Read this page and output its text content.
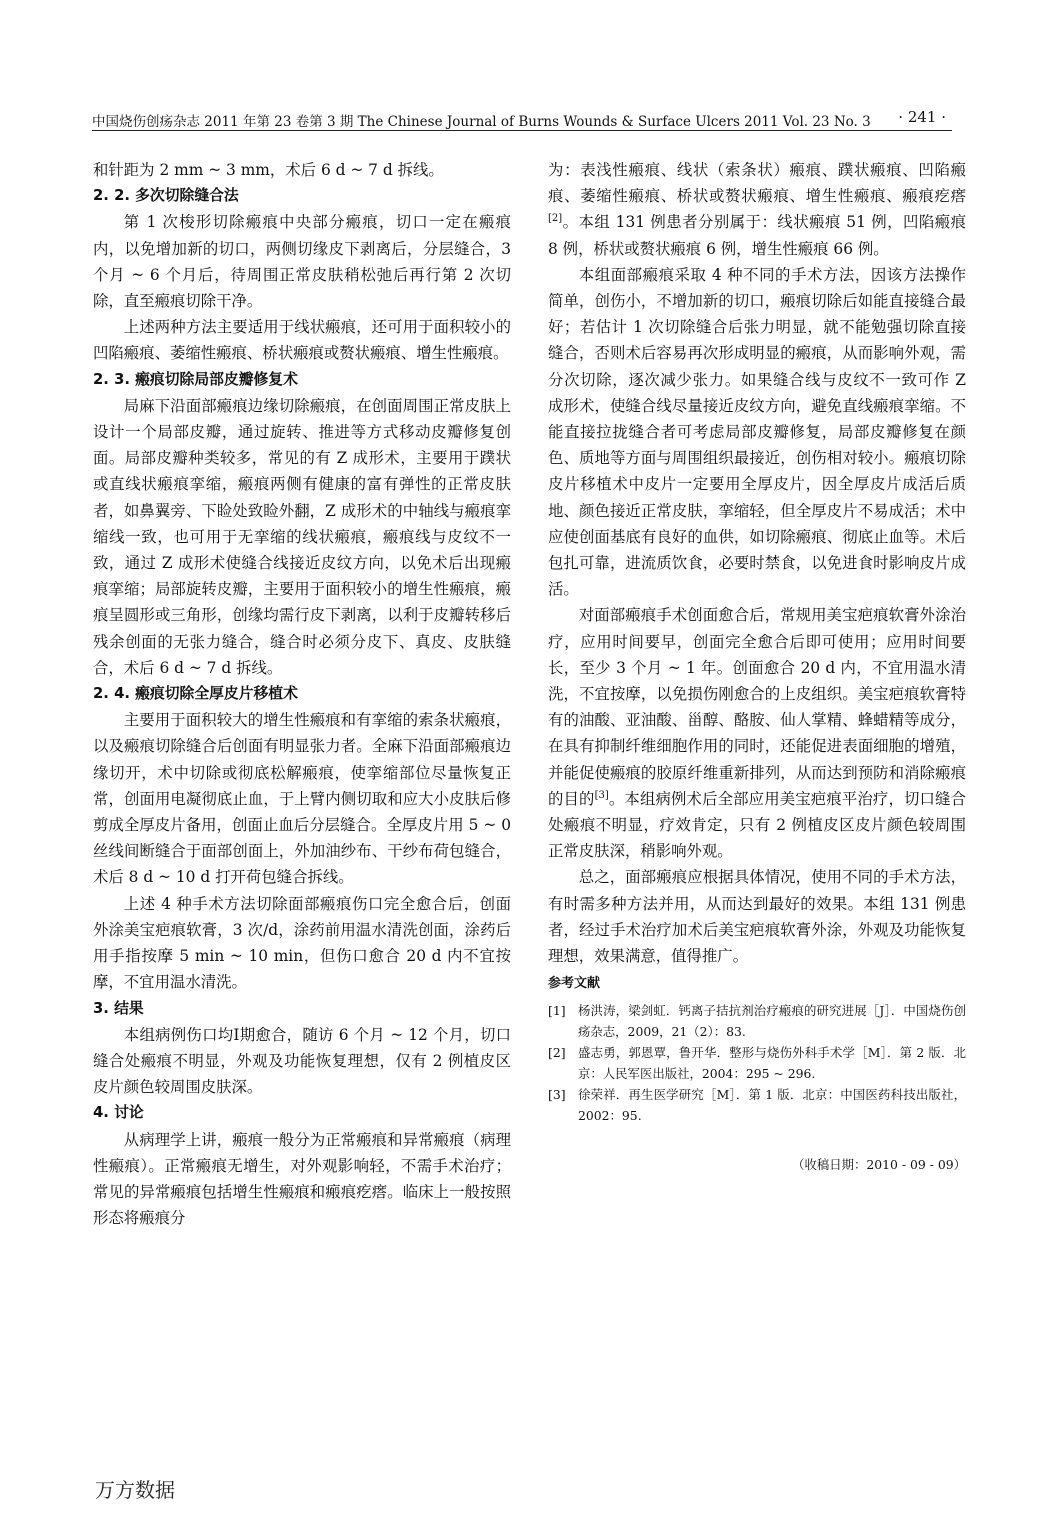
中国烧伤创疡杂志 2011 年第 23 卷第 3 期 The Chinese Journal of Burns Wounds & Surface Ulcers 2011 Vol. 23 No. 3 · 241 ·

和针距为 2 mm ~ 3 mm，术后 6 d ~ 7 d 拆线。

2. 2. 多次切除缝合法

第 1 次梭形切除瘢痕中央部分瘢痕，切口一定在瘢痕内，以免增加新的切口，两侧切缘皮下剥离后，分层缝合，3 个月 ~ 6 个月后，待周围正常皮肤稍松弛后再行第 2 次切除，直至瘢痕切除干净。

上述两种方法主要适用于线状瘢痕，还可用于面积较小的凹陷瘢痕、萎缩性瘢痕、桥状瘢痕或赘状瘢痕、增生性瘢痕。

2. 3. 瘢痕切除局部皮瓣修复术

局麻下沿面部瘢痕边缘切除瘢痕，在创面周围正常皮肤上设计一个局部皮瓣，通过旋转、推进等方式移动皮瓣修复创面。局部皮瓣种类较多，常见的有 Z 成形术，主要用于蹼状或直线状瘢痕挛缩，瘢痕两侧有健康的富有弹性的正常皮肤者，如鼻翼旁、下睑处致睑外翻，Z 成形术的中轴线与瘢痕挛缩线一致，也可用于无挛缩的线状瘢痕，瘢痕线与皮纹不一致，通过 Z 成形术使缝合线接近皮纹方向，以免术后出现瘢痕挛缩；局部旋转皮瓣，主要用于面积较小的增生性瘢痕，瘢痕呈圆形或三角形，创缘均需行皮下剥离，以利于皮瓣转移后残余创面的无张力缝合，缝合时必须分皮下、真皮、皮肤缝合，术后 6 d ~ 7 d 拆线。

2. 4. 瘢痕切除全厚皮片移植术

主要用于面积较大的增生性瘢痕和有挛缩的索条状瘢痕，以及瘢痕切除缝合后创面有明显张力者。全麻下沿面部瘢痕边缘切开，术中切除或彻底松解瘢痕，使挛缩部位尽量恢复正常，创面用电凝彻底止血，于上臂内侧切取和应大小皮肤后修剪成全厚皮片备用，创面止血后分层缝合。全厚皮片用 5 ~ 0 丝线间断缝合于面部创面上，外加油纱布、干纱布荷包缝合，术后 8 d ~ 10 d 打开荷包缝合拆线。

上述 4 种手术方法切除面部瘢痕伤口完全愈合后，创面外涂美宝疤痕软膏，3 次/d，涂药前用温水清洗创面，涂药后用手指按摩 5 min ~ 10 min，但伤口愈合 20 d 内不宜按摩，不宜用温水清洗。

3. 结果

本组病例伤口均Ⅰ期愈合，随访 6 个月 ~ 12 个月，切口缝合处瘢痕不明显，外观及功能恢复理想，仅有 2 例植皮区皮片颜色较周围皮肤深。

4. 讨论

从病理学上讲，瘢痕一般分为正常瘢痕和异常瘢痕（病理性瘢痕）。正常瘢痕无增生，对外观影响轻，不需手术治疗；常见的异常瘢痕包括增生性瘢痕和瘢痕疙瘩。临床上一般按照形态将瘢痕分

为：表浅性瘢痕、线状（索条状）瘢痕、蹼状瘢痕、凹陷瘢痕、萎缩性瘢痕、桥状或赘状瘢痕、增生性瘢痕、瘢痕疙瘩[2]。本组 131 例患者分别属于：线状瘢痕 51 例，凹陷瘢痕 8 例，桥状或赘状瘢痕 6 例，增生性瘢痕 66 例。

本组面部瘢痕采取 4 种不同的手术方法，因该方法操作简单，创伤小，不增加新的切口，瘢痕切除后如能直接缝合最好；若估计 1 次切除缝合后张力明显，就不能勉强切除直接缝合，否则术后容易再次形成明显的瘢痕，从而影响外观，需分次切除，逐次减少张力。如果缝合线与皮纹不一致可作 Z 成形术，使缝合线尽量接近皮纹方向，避免直线瘢痕挛缩。不能直接拉拢缝合者可考虑局部皮瓣修复，局部皮瓣修复在颜色、质地等方面与周围组织最接近，创伤相对较小。瘢痕切除皮片移植术中皮片一定要用全厚皮片，因全厚皮片成活后质地、颜色接近正常皮肤，挛缩轻，但全厚皮片不易成活；术中应使创面基底有良好的血供，如切除瘢痕、彻底止血等。术后包扎可靠，进流质饮食，必要时禁食，以免进食时影响皮片成活。

对面部瘢痕手术创面愈合后，常规用美宝疤痕软膏外涂治疗，应用时间要早，创面完全愈合后即可使用；应用时间要长，至少 3 个月 ~ 1 年。创面愈合 20 d 内，不宜用温水清洗，不宜按摩，以免损伤刚愈合的上皮组织。美宝疤痕软膏特有的油酸、亚油酸、甾醇、酪胺、仙人掌精、蜂蜡精等成分，在具有抑制纤维细胞作用的同时，还能促进表面细胞的增殖，并能促使瘢痕的胶原纤维重新排列，从而达到预防和消除瘢痕的目的[3]。本组病例术后全部应用美宝疤痕平治疗，切口缝合处瘢痕不明显，疗效肯定，只有 2 例植皮区皮片颜色较周围正常皮肤深，稍影响外观。

总之，面部瘢痕应根据具体情况，使用不同的手术方法，有时需多种方法并用，从而达到最好的效果。本组 131 例患者，经过手术治疗加术后美宝疤痕软膏外涂，外观及功能恢复理想，效果满意，值得推广。

参考文献

[1]	杨洪涛，梁剑虹．钙离子拮抗剂治疗瘢痕的研究进展［J］．中国烧伤创疡杂志，2009，21（2）：83.
[2]	盛志勇，郭恩覃，鲁开华．整形与烧伤外科手术学［M］．第 2 版．北京：人民军医出版社，2004：295 ~ 296.
[3]	徐荣祥．再生医学研究［M］．第 1 版．北京：中国医药科技出版社，2002：95.
（收稿日期：2010 - 09 - 09）
万方数据
